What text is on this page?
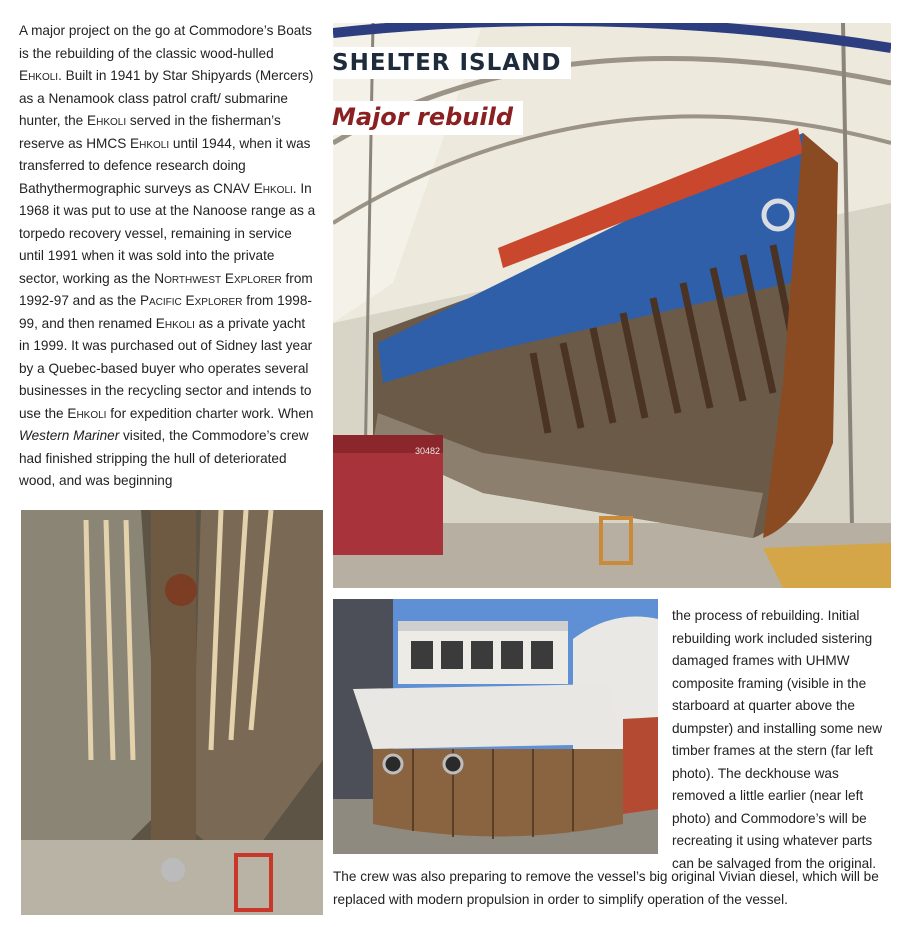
30482
SHELTER ISLAND
Major rebuild

A major project on the go at Commodore’s Boats is the rebuilding of the classic wood-hulled Ehkoli. Built in 1941 by Star Shipyards (Mercers) as a Nenamook class patrol craft/ submarine hunter, the Ehkoli served in the fisherman’s reserve as HMCS Ehkoli until 1944, when it was transferred to defence research doing Bathythermographic surveys as CNAV Ehkoli. In 1968 it was put to use at the Nanoose range as a torpedo recovery vessel, remaining in service until 1991 when it was sold into the private sector, working as the Northwest Explorer from 1992-97 and as the Pacific Explorer from 1998-99, and then renamed Ehkoli as a private yacht in 1999. It was purchased out of Sidney last year by a Quebec-based buyer who operates several businesses in the recycling sector and intends to use the Ehkoli for expedition charter work. When Western Mariner visited, the Commodore’s crew had finished stripping the hull of deteriorated wood, and was beginning

the process of rebuilding. Initial rebuilding work included sistering damaged frames with UHMW composite framing (visible in the starboard at quarter above the dumpster) and installing some new timber frames at the stern (far left photo). The deckhouse was removed a little earlier (near left photo) and Commodore’s will be recreating it using whatever parts can be salvaged from the original.

The crew was also preparing to remove the vessel’s big original Vivian diesel, which will be replaced with modern propulsion in order to simplify operation of the vessel.
